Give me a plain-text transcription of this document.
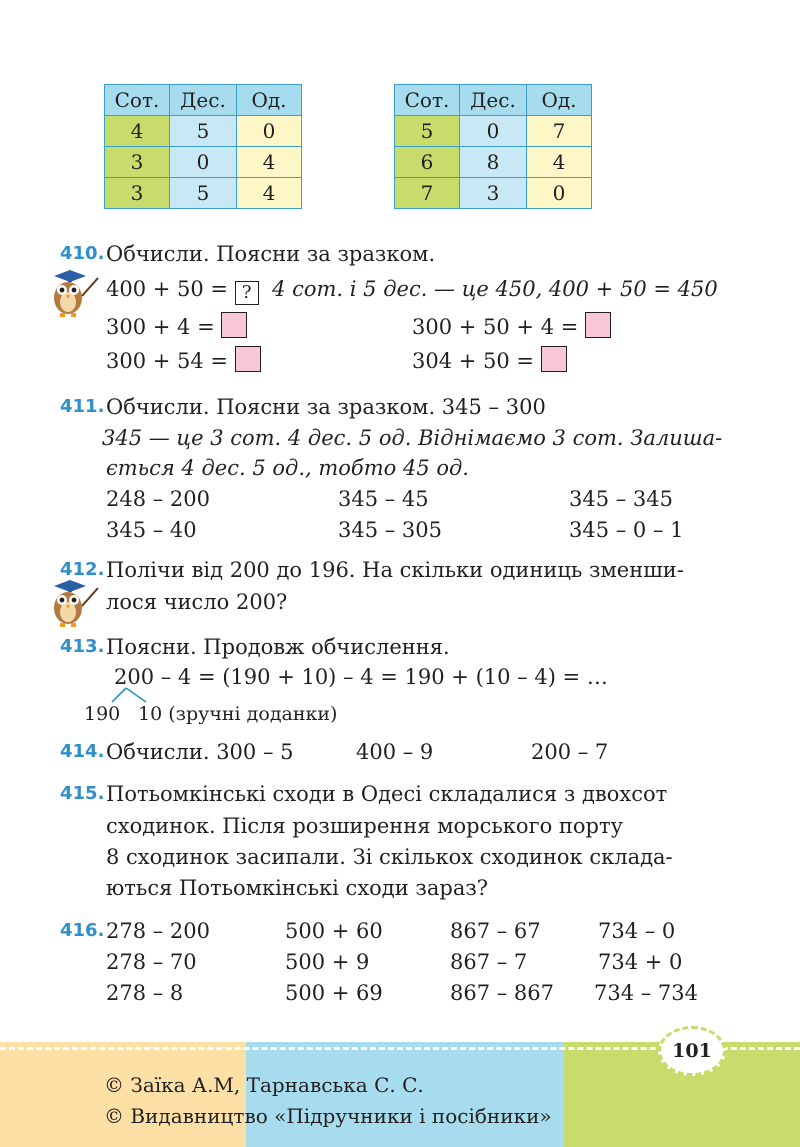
Сот.	Дес.	Од.
4	5	0
3	0	4
3	5	4
Сот.	Дес.	Од.
5	0	7
6	8	4
7	3	0
410. Обчисли. Поясни за зразком.
400 + 50 = ? 4 сот. і 5 дес. — це 450, 400 + 50 = 450
300 + 4 =	300 + 50 + 4 =
300 + 54 =	304 + 50 =
411. Обчисли. Поясни за зразком. 345 – 300
345 — це 3 сот. 4 дес. 5 од. Віднімаємо 3 сот. Залиша-
ється 4 дес. 5 од., тобто 45 од.
248 – 200	345 – 45	345 – 345
345 – 40	345 – 305	345 – 0 – 1
412. Полічи від 200 до 196. На скільки одиниць зменши-
лося число 200?
413. Поясни. Продовж обчислення.
200 – 4 = (190 + 10) – 4 = 190 + (10 – 4) = …
190 10 (зручні доданки)
414. Обчисли. 300 – 5	400 – 9	200 – 7
415. Потьомкінські сходи в Одесі складалися з двохсот
сходинок. Після розширення морського порту
8 сходинок засипали. Зі скількох сходинок склада-
ються Потьомкінські сходи зараз?
416. 278 – 200	500 + 60	867 – 67	734 – 0
278 – 70	500 + 9	867 – 7	734 + 0
278 – 8	500 + 69	867 – 867 734 – 734
101
© Заїка А.М, Тарнавська С. С.
© Видавництво «Підручники і посібники»
